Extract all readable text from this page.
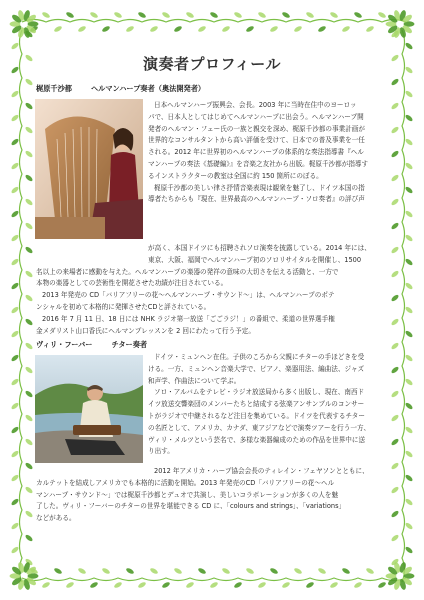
演奏者プロフィール
梶原千沙都	ヘルマンハープ奏者（奥法開発者）
日本ヘルマンハープ振興会、会長。2003 年に当時在住中のヨーロッ
パで、日本人としてはじめてヘルマンハープに出会う。ヘルマンハープ開
発者のヘルマン・フェー氏の一族と親交を深め、梶原千沙都の事業計画が
世界的なコンサルタントから高い評価を受けて、日本での普及事業を一任
される。2012 年に世界初のヘルマンハープの体系的な奏法指導書『ヘル
マンハープの奏法《基礎編》』を音楽之友社から出版。梶原千沙都が指導す
るインストラクターの教室は全国に約 150 箇所にのぼる。
梶原千沙都の美しい律さ抒情音楽表現は観衆を魅了し、ドイツ本国の指
導者たちからも『現在、世界最高のヘルマンハープ・ソロ奏者』の評び声
が高く、本国ドイツにも招聘されソロ演奏を披露している。2014 年には、
東京、大阪、福岡でヘルマンハープ初のソロリサイタルを開催し、1500
名以上の来場者に感動を与えた。ヘルマンハープの楽器の発祥の意味の大切さを伝える活動と、一方で
本物の楽器としての芸術性を開花させた功績が注目されている。
2013 年発売の CD「バリアフリーの花～ヘルマンハープ・サウンド～」は、ヘルマンハープのポテ
ンシャルを初めて本格的に発揮させたCDと評されている。
2016 年 7 月 11 日、18 日には NHK ラジオ第一放送「ごごラジ！」の番組で、柔道の世界選手権
金メダリスト山口香氏にヘルマンプレッスンを 2 回にわたって行う予定。
ヴィリ・フーバー	チター奏者
ドイツ・ミュンヘン在住。子供のころから父親にチターの手ほどきを受
ける。一方、ミュンヘン音楽大学で、ピアノ、楽器用法、編曲法、ジャズ
和声学、作曲法について学ぶ。
ソロ・アルバムをテレビ・ラジオ放送局から多く出版し、現在、南西ド
イツ放送交響楽団のメンバーたちと結成する弦楽アンサンブルのコンサー
トがラジオで中継されるなど注目を集めている。ドイツを代表するチター
の名匠として、アメリカ、カナダ、東アジアなどで演奏ツアーを行う一方、
ヴィリ・メルツという芸名で、多様な楽器編成のための作品を世界中に送
り出す。
2012 年アメリカ・ハープ協会会長のティレイン・フェヤソンとともに、
カルテットを結成しアメリカでも本格的に活動を開始。2013 年発売のCD「バリアフリーの花～ヘル
マンハープ・サウンド～」では梶原千沙都とデュオで共演し、美しいコラボレーションが多くの人を魅
了した。ヴィリ・フーバーのチターの世界を堪能できる CD に、「colours and strings」、「variations」
などがある。
